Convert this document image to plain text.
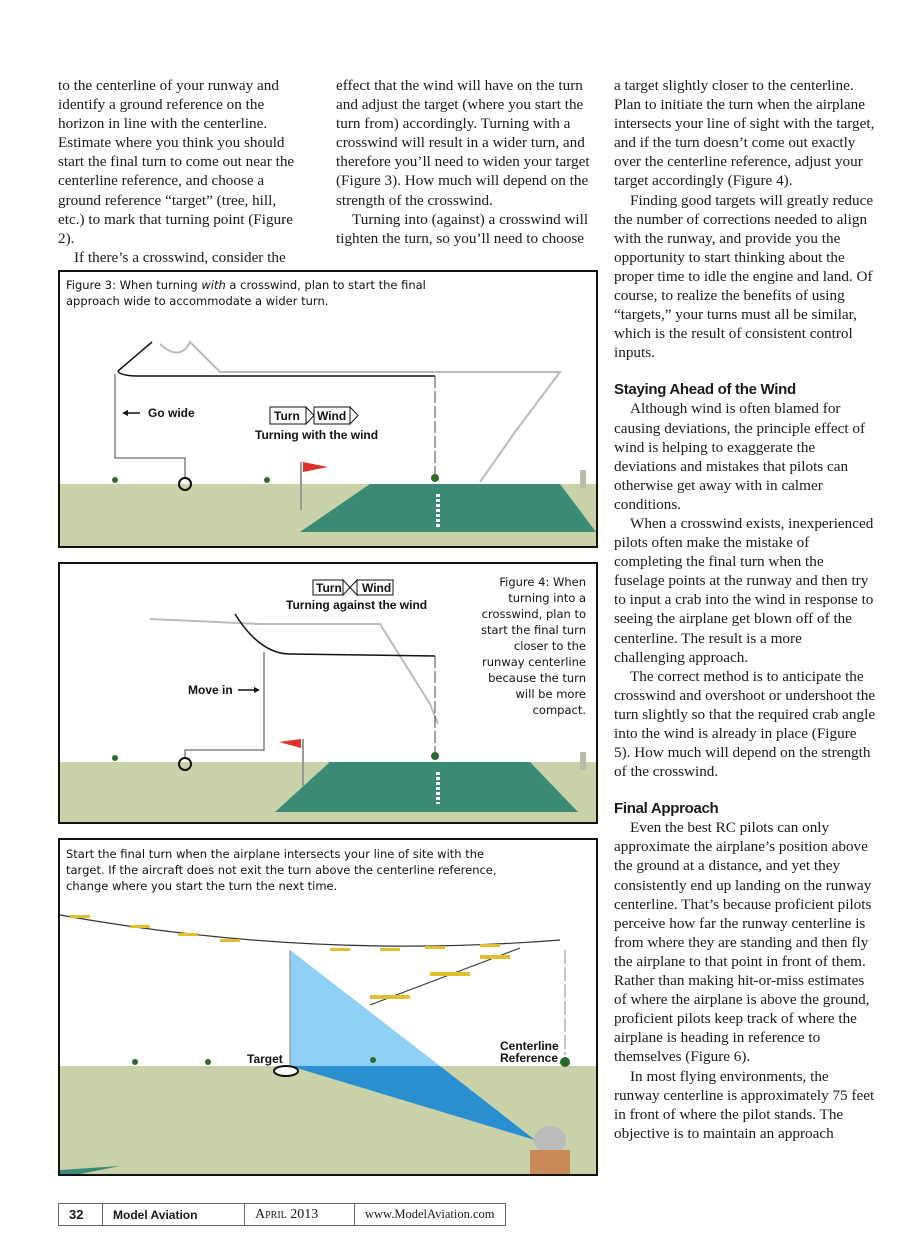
to the centerline of your runway and identify a ground reference on the horizon in line with the centerline. Estimate where you think you should start the final turn to come out near the centerline reference, and choose a ground reference “target” (tree, hill, etc.) to mark that turning point (Figure 2).

If there’s a crosswind, consider the

effect that the wind will have on the turn and adjust the target (where you start the turn from) accordingly. Turning with a crosswind will result in a wider turn, and therefore you’ll need to widen your target (Figure 3). How much will depend on the strength of the crosswind.

Turning into (against) a crosswind will tighten the turn, so you’ll need to choose

a target slightly closer to the centerline. Plan to initiate the turn when the airplane intersects your line of sight with the target, and if the turn doesn’t come out exactly over the centerline reference, adjust your target accordingly (Figure 4).

Finding good targets will greatly reduce the number of corrections needed to align with the runway, and provide you the opportunity to start thinking about the proper time to idle the engine and land. Of course, to realize the benefits of using “targets,” your turns must all be similar, which is the result of consistent control inputs.

Staying Ahead of the Wind

Although wind is often blamed for causing deviations, the principle effect of wind is helping to exaggerate the deviations and mistakes that pilots can otherwise get away with in calmer conditions.

When a crosswind exists, inexperienced pilots often make the mistake of completing the final turn when the fuselage points at the runway and then try to input a crab into the wind in response to seeing the airplane get blown off of the centerline. The result is a more challenging approach.

The correct method is to anticipate the crosswind and overshoot or undershoot the turn slightly so that the required crab angle into the wind is already in place (Figure 5). How much will depend on the strength of the crosswind.

Final Approach

Even the best RC pilots can only approximate the airplane’s position above the ground at a distance, and yet they consistently end up landing on the runway centerline. That’s because proficient pilots perceive how far the runway centerline is from where they are standing and then fly the airplane to that point in front of them. Rather than making hit-or-miss estimates of where the airplane is above the ground, proficient pilots keep track of where the airplane is heading in reference to themselves (Figure 6).

In most flying environments, the runway centerline is approximately 75 feet in front of where the pilot stands. The objective is to maintain an approach

Figure 3: When turning with a crosswind, plan to start the final approach wide to accommodate a wider turn.
Go wide	Turn Wind
Turning with the wind
Move in
Turn Wind
Turning against the wind
Figure 4: When turning into a crosswind, plan to start the final turn closer to the runway centerline because the turn will be more compact.
Start the final turn when the airplane intersects your line of site with the target. If the aircraft does not exit the turn above the centerline reference, change where you start the turn the next time.
Target
Centerline
Reference
32	Model Aviation	April 2013	www.ModelAviation.com
